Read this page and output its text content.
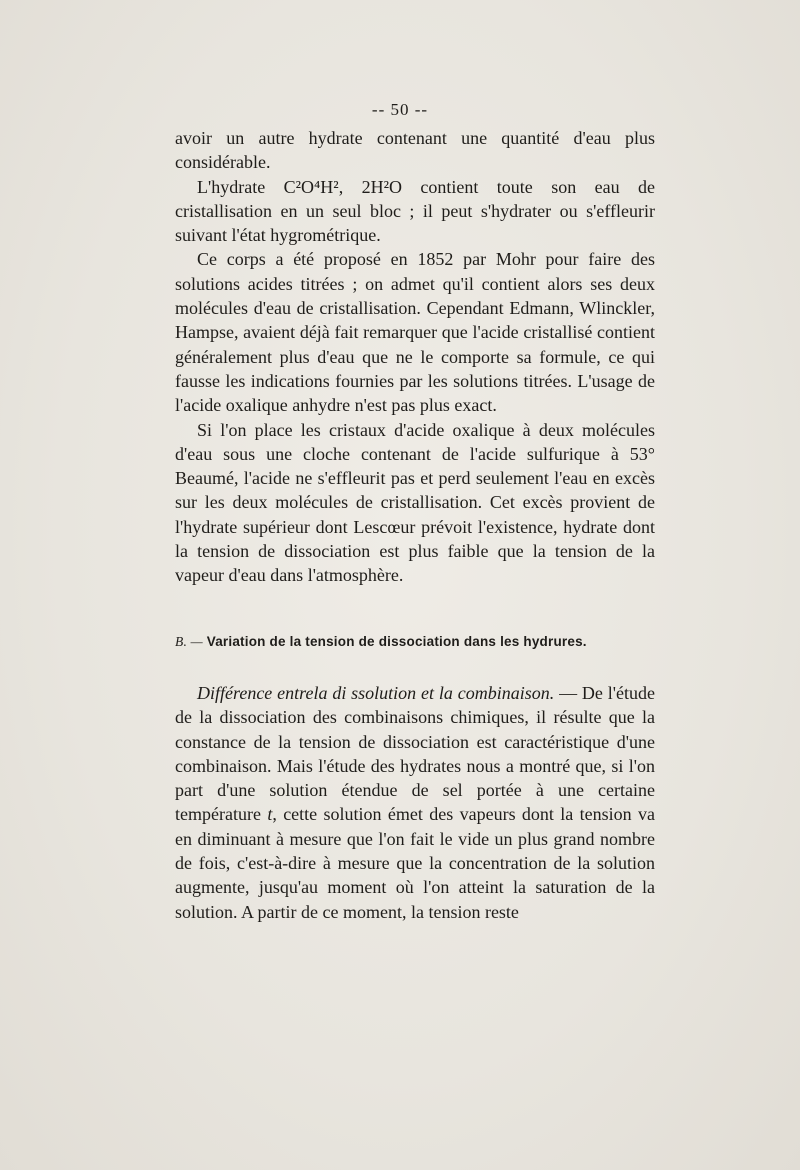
-- 50 --

avoir un autre hydrate contenant une quantité d'eau plus considérable.

L'hydrate C²O⁴H², 2H²O contient toute son eau de cristallisation en un seul bloc ; il peut s'hydrater ou s'effleurir suivant l'état hygrométrique.

Ce corps a été proposé en 1852 par Mohr pour faire des solutions acides titrées ; on admet qu'il contient alors ses deux molécules d'eau de cristallisation. Cependant Edmann, Wlinckler, Hampse, avaient déjà fait remarquer que l'acide cristallisé contient généralement plus d'eau que ne le comporte sa formule, ce qui fausse les indications fournies par les solutions titrées. L'usage de l'acide oxalique anhydre n'est pas plus exact.

Si l'on place les cristaux d'acide oxalique à deux molécules d'eau sous une cloche contenant de l'acide sulfurique à 53° Beaumé, l'acide ne s'effleurit pas et perd seulement l'eau en excès sur les deux molécules de cristallisation. Cet excès provient de l'hydrate supérieur dont Lescœur prévoit l'existence, hydrate dont la tension de dissociation est plus faible que la tension de la vapeur d'eau dans l'atmosphère.

B. — Variation de la tension de dissociation dans les hydrures.

Différence entrela di ssolution et la combinaison. — De l'étude de la dissociation des combinaisons chimiques, il résulte que la constance de la tension de dissociation est caractéristique d'une combinaison. Mais l'étude des hydrates nous a montré que, si l'on part d'une solution étendue de sel portée à une certaine température t, cette solution émet des vapeurs dont la tension va en diminuant à mesure que l'on fait le vide un plus grand nombre de fois, c'est-à-dire à mesure que la concentration de la solution augmente, jusqu'au moment où l'on atteint la saturation de la solution. A partir de ce moment, la tension reste
